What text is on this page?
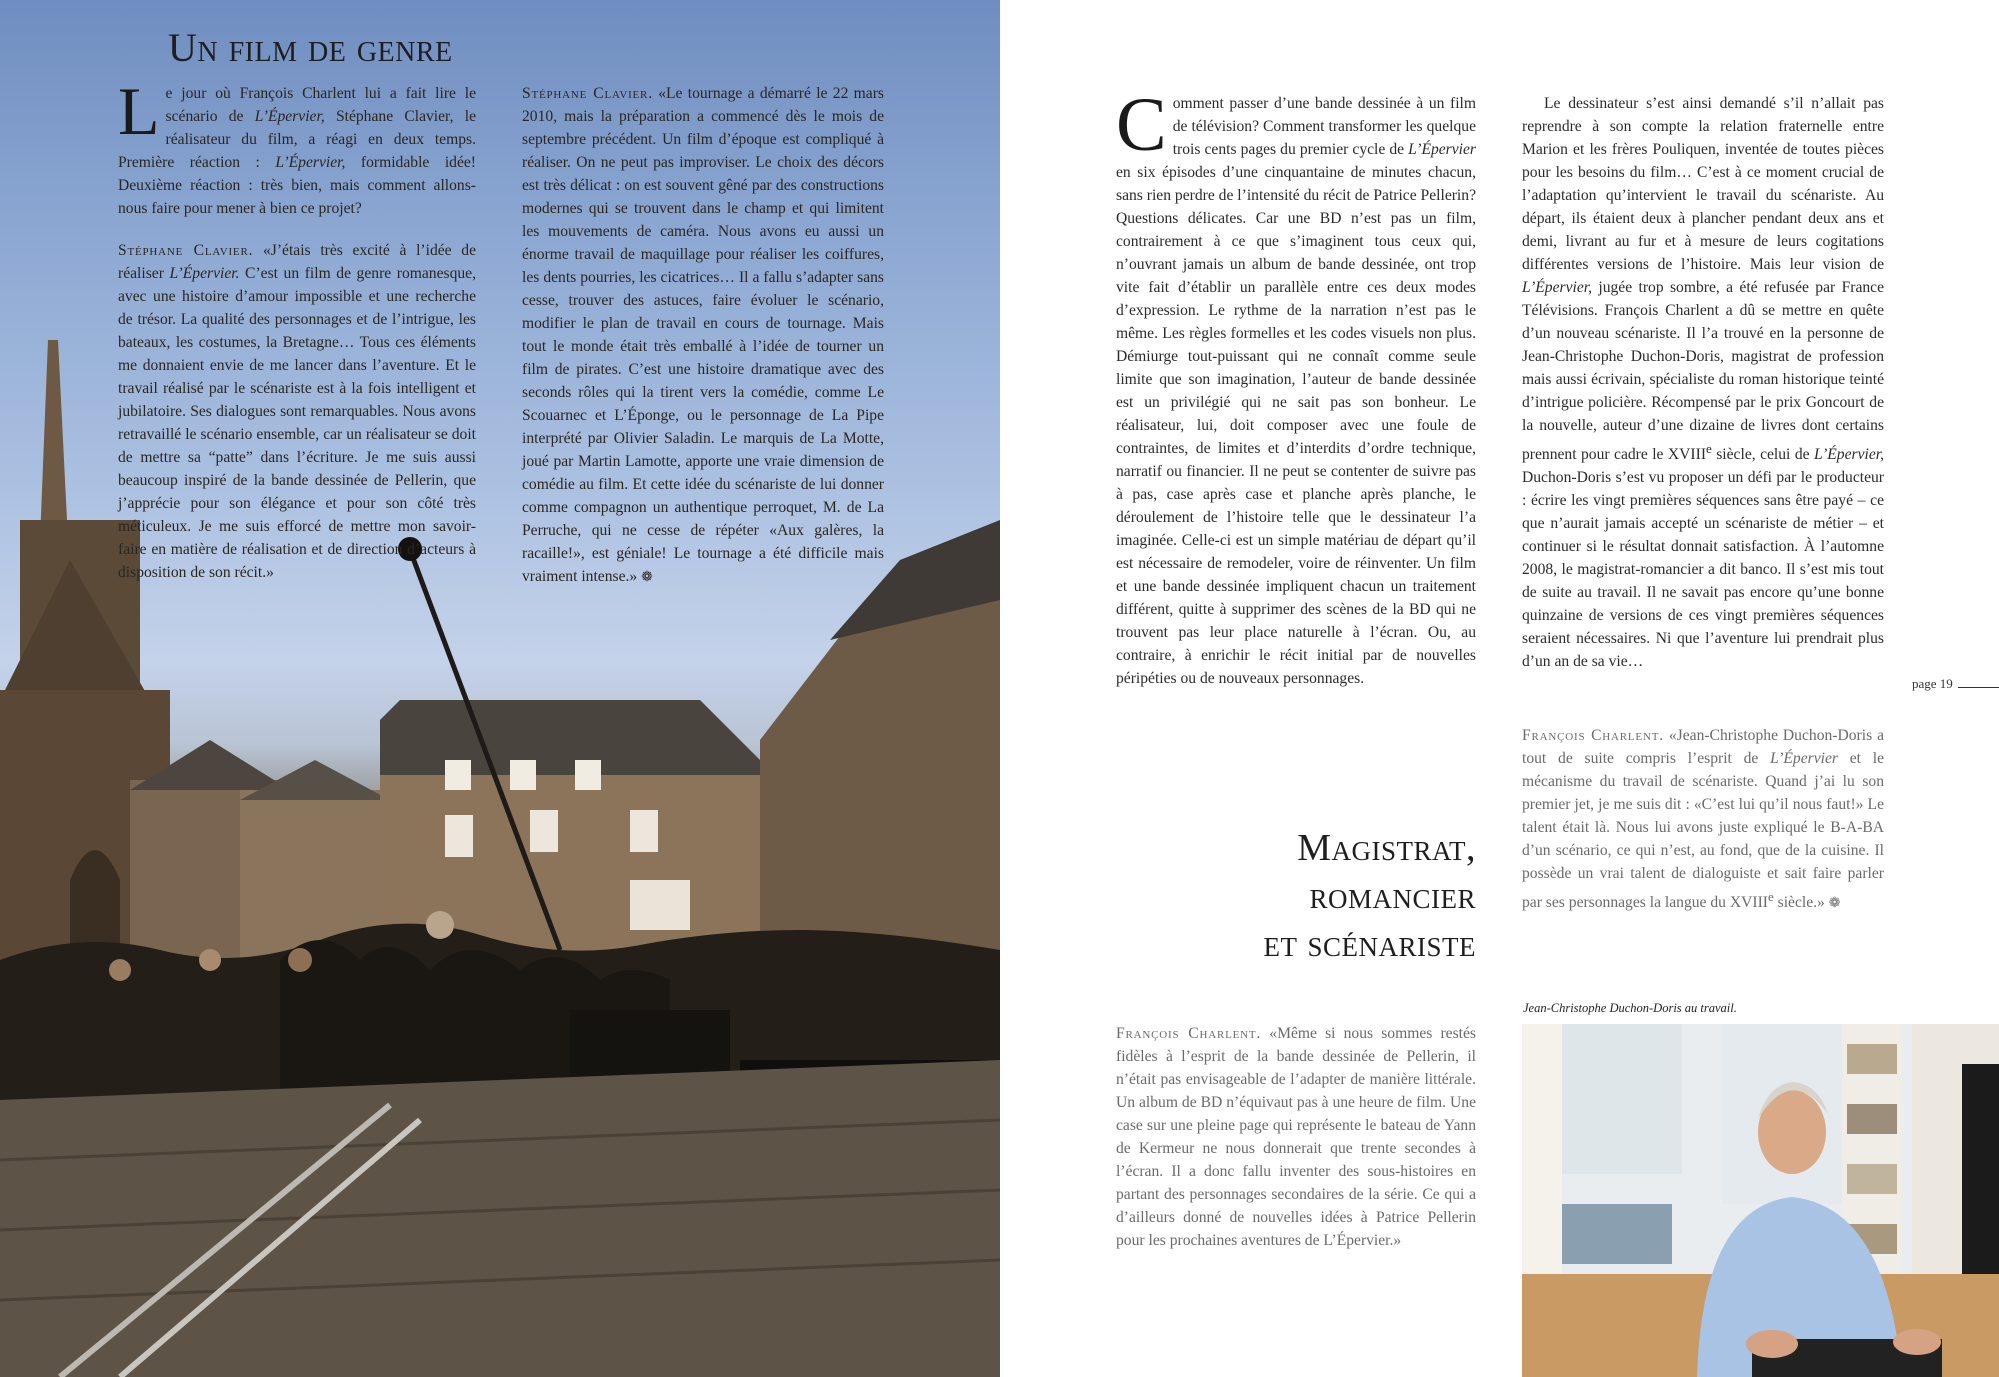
Un film de genre

Le jour où François Charlent lui a fait lire le scénario de L’Épervier, Stéphane Clavier, le réalisateur du film, a réagi en deux temps. Première réaction : L’Épervier, formidable idée! Deuxième réaction : très bien, mais comment allons-nous faire pour mener à bien ce projet?

Stéphane Clavier. «J’étais très excité à l’idée de réaliser L’Épervier. C’est un film de genre romanesque, avec une histoire d’amour impossible et une recherche de trésor. La qualité des personnages et de l’intrigue, les bateaux, les costumes, la Bretagne… Tous ces éléments me donnaient envie de me lancer dans l’aventure. Et le travail réalisé par le scénariste est à la fois intelligent et jubilatoire. Ses dialogues sont remarquables. Nous avons retravaillé le scénario ensemble, car un réalisateur se doit de mettre sa “patte” dans l’écriture. Je me suis aussi beaucoup inspiré de la bande dessinée de Pellerin, que j’apprécie pour son élégance et pour son côté très méticuleux. Je me suis efforcé de mettre mon savoir-faire en matière de réalisation et de direction d’acteurs à disposition de son récit.»

Stéphane Clavier. «Le tournage a démarré le 22 mars 2010, mais la préparation a commencé dès le mois de septembre précédent. Un film d’époque est compliqué à réaliser. On ne peut pas improviser. Le choix des décors est très délicat : on est souvent gêné par des constructions modernes qui se trouvent dans le champ et qui limitent les mouvements de caméra. Nous avons eu aussi un énorme travail de maquillage pour réaliser les coiffures, les dents pourries, les cicatrices… Il a fallu s’adapter sans cesse, trouver des astuces, faire évoluer le scénario, modifier le plan de travail en cours de tournage. Mais tout le monde était très emballé à l’idée de tourner un film de pirates. C’est une histoire dramatique avec des seconds rôles qui la tirent vers la comédie, comme Le Scouarnec et L’Éponge, ou le personnage de La Pipe interprété par Olivier Saladin. Le marquis de La Motte, joué par Martin Lamotte, apporte une vraie dimension de comédie au film. Et cette idée du scénariste de lui donner comme compagnon un authentique perroquet, M. de La Perruche, qui ne cesse de répéter «Aux galères, la racaille!», est géniale! Le tournage a été difficile mais vraiment intense.» ❁

Comment passer d’une bande dessinée à un film de télévision? Comment transformer les quelque trois cents pages du premier cycle de L’Épervier en six épisodes d’une cinquantaine de minutes chacun, sans rien perdre de l’intensité du récit de Patrice Pellerin? Questions délicates. Car une BD n’est pas un film, contrairement à ce que s’imaginent tous ceux qui, n’ouvrant jamais un album de bande dessinée, ont trop vite fait d’établir un parallèle entre ces deux modes d’expression. Le rythme de la narration n’est pas le même. Les règles formelles et les codes visuels non plus. Démiurge tout-puissant qui ne connaît comme seule limite que son imagination, l’auteur de bande dessinée est un privilégié qui ne sait pas son bonheur. Le réalisateur, lui, doit composer avec une foule de contraintes, de limites et d’interdits d’ordre technique, narratif ou financier. Il ne peut se contenter de suivre pas à pas, case après case et planche après planche, le déroulement de l’histoire telle que le dessinateur l’a imaginée. Celle-ci est un simple matériau de départ qu’il est nécessaire de remodeler, voire de réinventer. Un film et une bande dessinée impliquent chacun un traitement différent, quitte à supprimer des scènes de la BD qui ne trouvent pas leur place naturelle à l’écran. Ou, au contraire, à enrichir le récit initial par de nouvelles péripéties ou de nouveaux personnages.

Le dessinateur s’est ainsi demandé s’il n’allait pas reprendre à son compte la relation fraternelle entre Marion et les frères Pouliquen, inventée de toutes pièces pour les besoins du film… C’est à ce moment crucial de l’adaptation qu’intervient le travail du scénariste. Au départ, ils étaient deux à plancher pendant deux ans et demi, livrant au fur et à mesure de leurs cogitations différentes versions de l’histoire. Mais leur vision de L’Épervier, jugée trop sombre, a été refusée par France Télévisions. François Charlent a dû se mettre en quête d’un nouveau scénariste. Il l’a trouvé en la personne de Jean-Christophe Duchon-Doris, magistrat de profession mais aussi écrivain, spécialiste du roman historique teinté d’intrigue policière. Récompensé par le prix Goncourt de la nouvelle, auteur d’une dizaine de livres dont certains prennent pour cadre le XVIIIe siècle, celui de L’Épervier, Duchon-Doris s’est vu proposer un défi par le producteur : écrire les vingt premières séquences sans être payé – ce que n’aurait jamais accepté un scénariste de métier – et continuer si le résultat donnait satisfaction. À l’automne 2008, le magistrat-romancier a dit banco. Il s’est mis tout de suite au travail. Il ne savait pas encore qu’une bonne quinzaine de versions de ces vingt premières séquences seraient nécessaires. Ni que l’aventure lui prendrait plus d’un an de sa vie…

François Charlent. «Jean-Christophe Duchon-Doris a tout de suite compris l’esprit de L’Épervier et le mécanisme du travail de scénariste. Quand j’ai lu son premier jet, je me suis dit : «C’est lui qu’il nous faut!» Le talent était là. Nous lui avons juste expliqué le B-A-BA d’un scénario, ce qui n’est, au fond, que de la cuisine. Il possède un vrai talent de dialoguiste et sait faire parler par ses personnages la langue du XVIIIe siècle.» ❁

Magistrat,
romancier
et scénariste

François Charlent. «Même si nous sommes restés fidèles à l’esprit de la bande dessinée de Pellerin, il n’était pas envisageable de l’adapter de manière littérale. Un album de BD n’équivaut pas à une heure de film. Une case sur une pleine page qui représente le bateau de Yann de Kermeur ne nous donnerait que trente secondes à l’écran. Il a donc fallu inventer des sous-histoires en partant des personnages secondaires de la série. Ce qui a d’ailleurs donné de nouvelles idées à Patrice Pellerin pour les prochaines aventures de L’Épervier.»

page 19
Jean-Christophe Duchon-Doris au travail.
